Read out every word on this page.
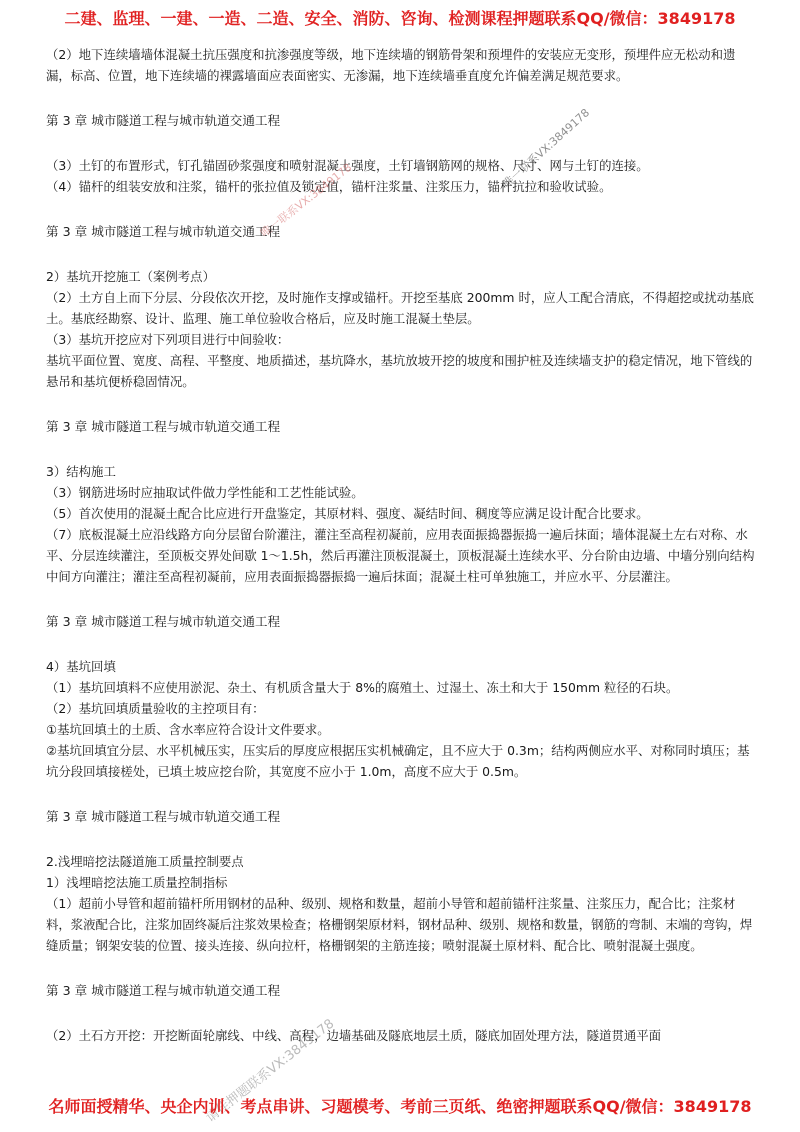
二建、监理、一建、一造、二造、安全、消防、咨询、检测课程押题联系QQ/微信：3849178

（2）地下连续墙墙体混凝土抗压强度和抗渗强度等级，地下连续墙的钢筋骨架和预埋件的安装应无变形，预埋件应无松动和遗漏，标高、位置，地下连续墙的裸露墙面应表面密实、无渗漏，地下连续墙垂直度允许偏差满足规范要求。

第 3 章 城市隧道工程与城市轨道交通工程

（3）土钉的布置形式，钉孔锚固砂浆强度和喷射混凝土强度，土钉墙钢筋网的规格、尺寸、网与土钉的连接。

（4）锚杆的组装安放和注浆，锚杆的张拉值及锁定值，锚杆注浆量、注浆压力，锚杆抗拉和验收试验。

第 3 章 城市隧道工程与城市轨道交通工程

2）基坑开挖施工（案例考点）

（2）土方自上而下分层、分段依次开挖，及时施作支撑或锚杆。开挖至基底 200mm 时，应人工配合清底，不得超挖或扰动基底土。基底经勘察、设计、监理、施工单位验收合格后，应及时施工混凝土垫层。

（3）基坑开挖应对下列项目进行中间验收：

基坑平面位置、宽度、高程、平整度、地质描述，基坑降水，基坑放坡开挖的坡度和围护桩及连续墙支护的稳定情况，地下管线的悬吊和基坑便桥稳固情况。

第 3 章 城市隧道工程与城市轨道交通工程

3）结构施工

（3）钢筋进场时应抽取试件做力学性能和工艺性能试验。

（5）首次使用的混凝土配合比应进行开盘鉴定，其原材料、强度、凝结时间、稠度等应满足设计配合比要求。

（7）底板混凝土应沿线路方向分层留台阶灌注，灌注至高程初凝前，应用表面振捣器振捣一遍后抹面；墙体混凝土左右对称、水平、分层连续灌注，至顶板交界处间歇 1～1.5h，然后再灌注顶板混凝土，顶板混凝土连续水平、分台阶由边墙、中墙分别向结构中间方向灌注；灌注至高程初凝前，应用表面振捣器振捣一遍后抹面；混凝土柱可单独施工，并应水平、分层灌注。

第 3 章 城市隧道工程与城市轨道交通工程

4）基坑回填

（1）基坑回填料不应使用淤泥、杂土、有机质含量大于 8%的腐殖土、过湿土、冻土和大于 150mm 粒径的石块。

（2）基坑回填质量验收的主控项目有：

①基坑回填土的土质、含水率应符合设计文件要求。

②基坑回填宜分层、水平机械压实，压实后的厚度应根据压实机械确定，且不应大于 0.3m；结构两侧应水平、对称同时填压；基坑分段回填接槎处，已填土坡应挖台阶，其宽度不应小于 1.0m，高度不应大于 0.5m。

第 3 章 城市隧道工程与城市轨道交通工程

2.浅埋暗挖法隧道施工质量控制要点

1）浅埋暗挖法施工质量控制指标

（1）超前小导管和超前锚杆所用钢材的品种、级别、规格和数量，超前小导管和超前锚杆注浆量、注浆压力，配合比；注浆材料，浆液配合比，注浆加固终凝后注浆效果检查；格栅钢架原材料，钢材品种、级别、规格和数量，钢筋的弯制、末端的弯钩，焊缝质量；钢架安装的位置、接头连接、纵向拉杆，格栅钢架的主筋连接；喷射混凝土原材料、配合比、喷射混凝土强度。

第 3 章 城市隧道工程与城市轨道交通工程

（2）土石方开挖：开挖断面轮廓线、中线、高程，边墙基础及隧底地层土质，隧底加固处理方法，隧道贯通平面

唯一联系VX:3849178
唯一联系VX:3849178
请佳押题联系VX:3849178
名师面授精华、央企内训、考点串讲、习题模考、考前三页纸、绝密押题联系QQ/微信：3849178
